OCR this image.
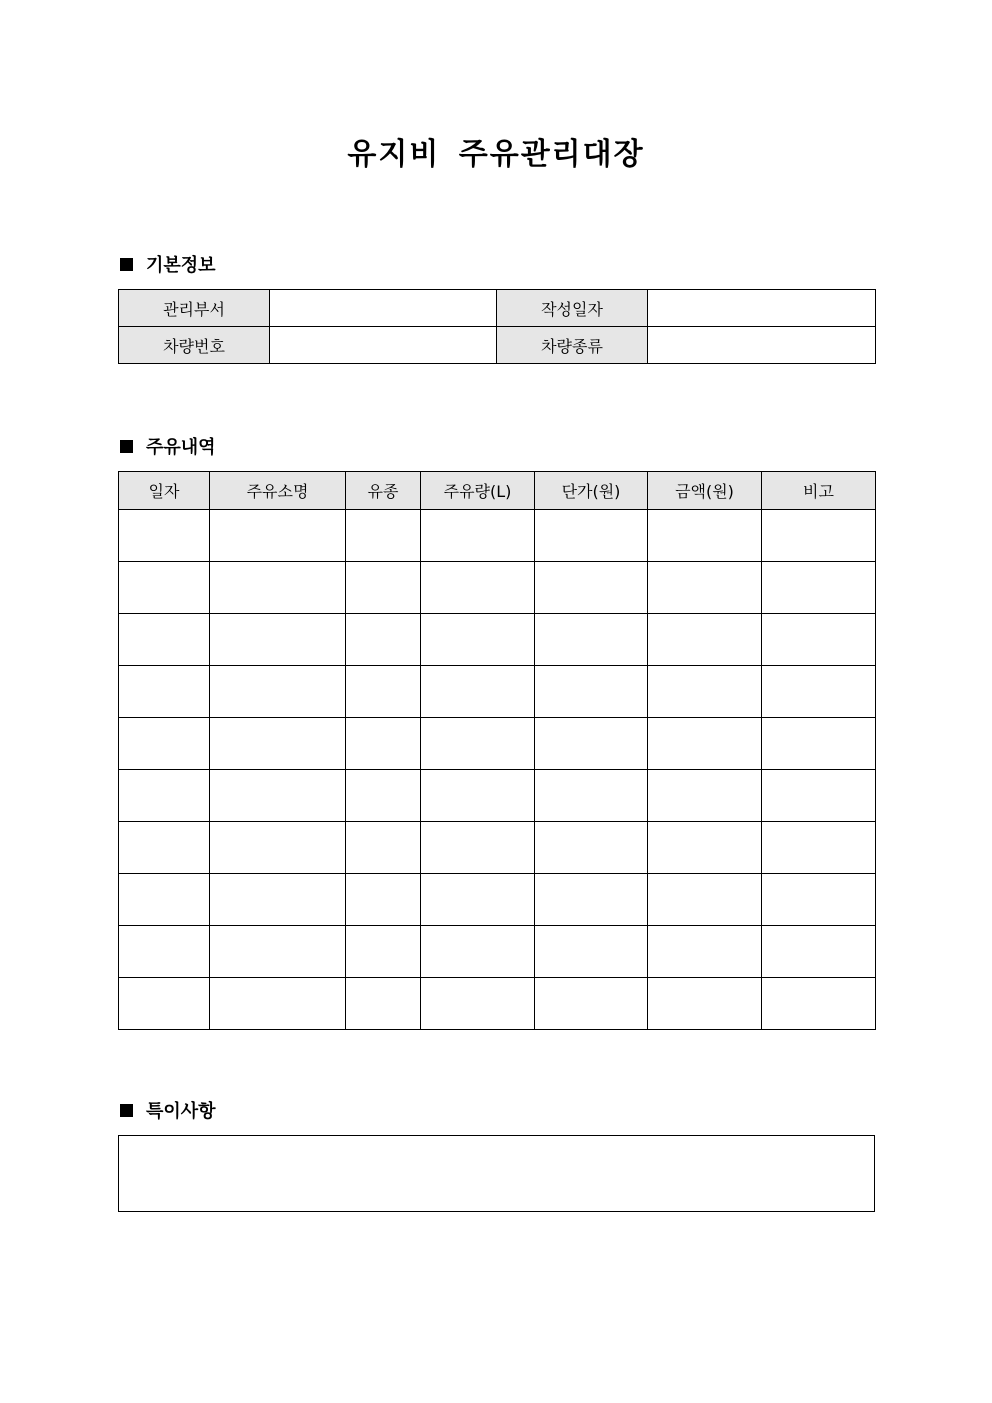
유지비 주유관리대장
기본정보
관리부서		작성일자	
차량번호		차량종류	
주유내역
일자	주유소명	유종	주유량(L)	단가(원)	금액(원)	비고

특이사항
